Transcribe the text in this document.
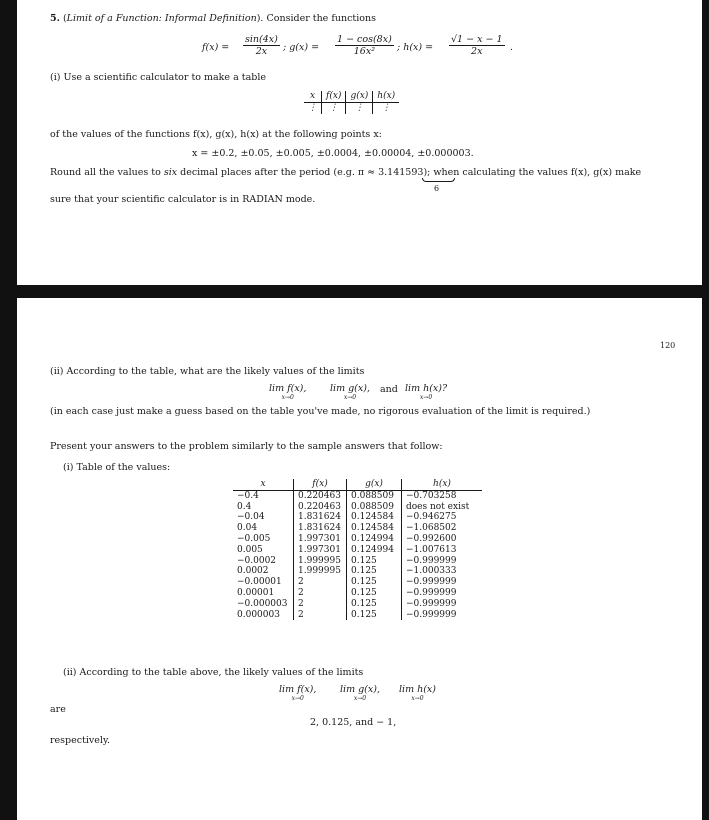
5. (Limit of a Function: Informal Definition). Consider the functions
$f(x) = \frac{\sin(4x)}{2x}$ ; $g(x) = \frac{1 - \cos(8x)}{\text{16x²}}$ ; $h(x) = \frac{√1 - x - 1}{2x}$ .
(i) Use a scientific calculator to make a table
x	f(x)	g(x)	h(x)
⋮	⋮	⋮	⋮
of the values of the functions f(x), g(x), h(x) at the following points x:
x = ±0.2, ±0.05, ±0.005, ±0.0004, ±0.00004, ±0.000003.
Round all the values to six decimal places after the period (e.g. π ≈ 3.141593); when calculating the values f(x), g(x) make
6
sure that your scientific calculator is in RADIAN mode.
120
(ii) According to the table, what are the likely values of the limits
lim f(x),
x→0
lim g(x),
x→0
and lim h(x)?
x→0
(in each case just make a guess based on the table you've made, no rigorous evaluation of the limit is required.)
Present your answers to the problem similarly to the sample answers that follow:
(i) Table of the values:
x	f(x)	g(x)	h(x)
−0.4	0.220463	0.088509	−0.703258
0.4	0.220463	0.088509	does not exist
−0.04	1.831624	0.124584	−0.946275
0.04	1.831624	0.124584	−1.068502
−0.005	1.997301	0.124994	−0.992600
0.005	1.997301	0.124994	−1.007613
−0.0002	1.999995	0.125	−0.999999
0.0002	1.999995	0.125	−1.000333
−0.00001	2	0.125	−0.999999
0.00001	2	0.125	−0.999999
−0.000003	2	0.125	−0.999999
0.000003	2	0.125	−0.999999
(ii) According to the table above, the likely values of the limits
lim f(x),
x→0
lim g(x),
x→0
lim h(x)
x→0
are
2, 0.125, and − 1,
respectively.
